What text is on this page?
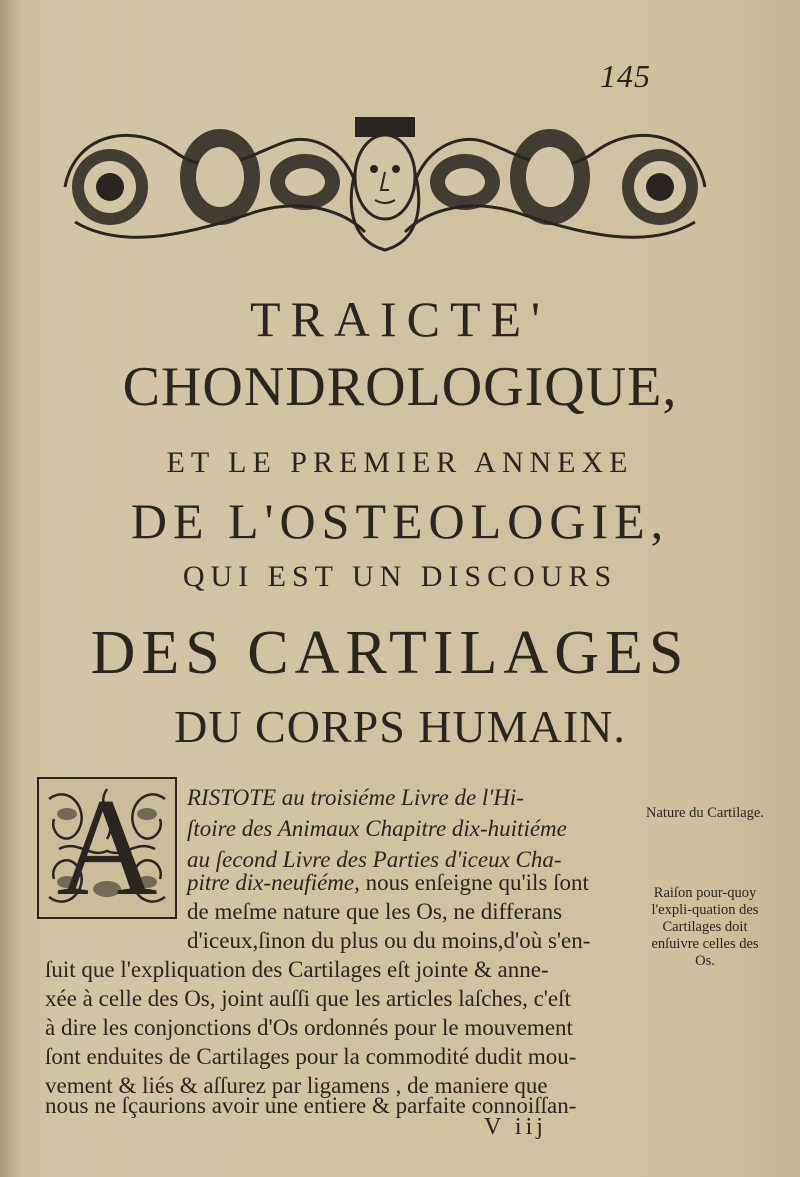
145
TRAICTE'
CHONDROLOGIQUE,
ET LE PREMIER ANNEXE
DE L'OSTEOLOGIE,
QUI EST UN DISCOURS
DES CARTILAGES
DU CORPS HUMAIN.
A	RISTOTE au troisiéme Livre de l'Hi-
ſtoire des Animaux Chapitre dix-huitiéme
au ſecond Livre des Parties d'iceux Cha-
pitre dix-neufiéme, nous enſeigne qu'ils ſont
de meſme nature que les Os, ne differans
d'iceux,ſinon du plus ou du moins,d'où s'en-
ſuit que l'expliquation des Cartilages eſt jointe & anne-
xée à celle des Os, joint auſſi que les articles laſches, c'eſt
à dire les conjonctions d'Os ordonnés pour le mouvement
ſont enduites de Cartilages pour la commodité dudit mou-
vement & liés & aſſurez par ligamens , de maniere que
nous ne ſçaurions avoir une entiere & parfaite connoiſſan-
Nature du Cartilage.
Raiſon pour-quoy l'expli-quation des Cartilages doit enſuivre celles des Os.
V iij
